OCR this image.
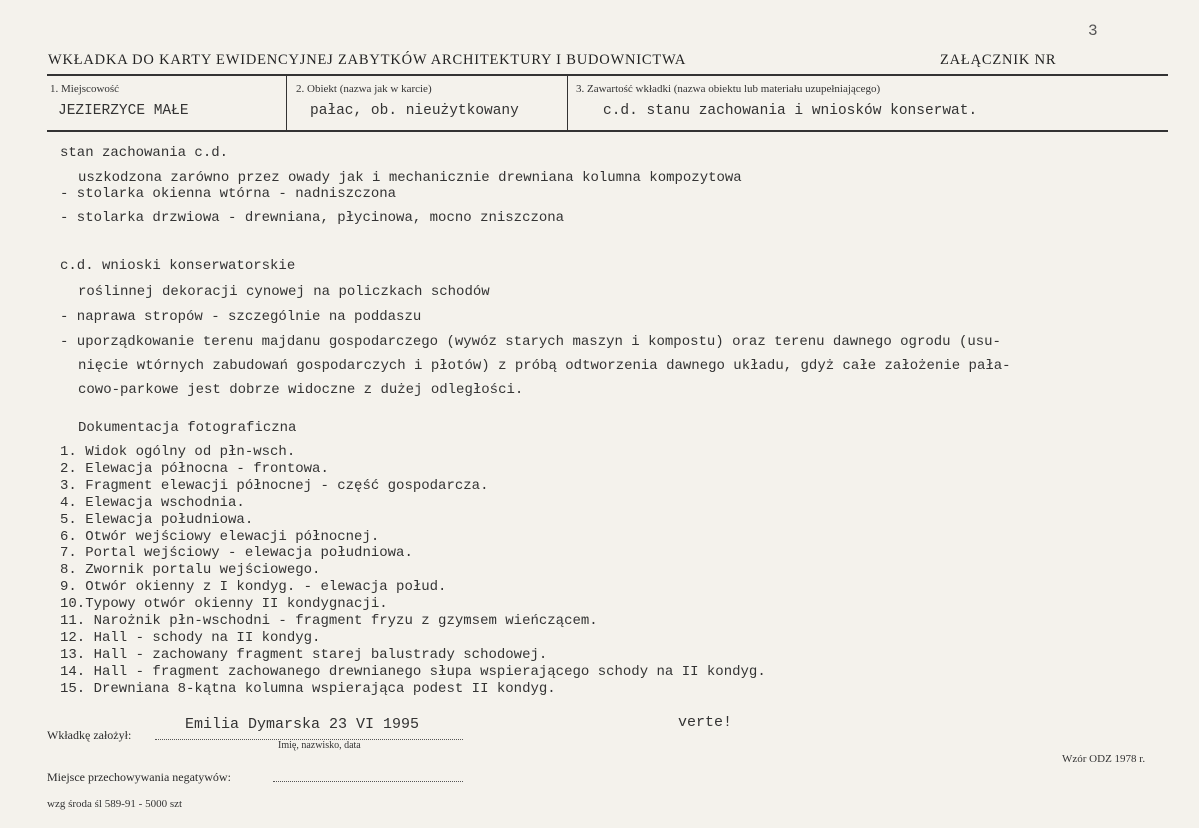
3
WKŁADKA DO KARTY EWIDENCYJNEJ ZABYTKÓW ARCHITEKTURY I BUDOWNICTWA	ZAŁĄCZNIK NR
1. Miejscowość
JEZIERZYCE MAŁE
2. Obiekt (nazwa jak w karcie)
pałac, ob. nieużytkowany
3. Zawartość wkładki (nazwa obiektu lub materiału uzupełniającego)
c.d. stanu zachowania i wniosków konserwat.
stan zachowania c.d.
uszkodzona zarówno przez owady jak i mechanicznie drewniana kolumna kompozytowa
- stolarka okienna wtórna - nadniszczona
- stolarka drzwiowa - drewniana, płycinowa, mocno zniszczona
c.d. wnioski konserwatorskie
roślinnej dekoracji cynowej na policzkach schodów
- naprawa stropów - szczególnie na poddaszu
- uporządkowanie terenu majdanu gospodarczego (wywóz starych maszyn i kompostu) oraz terenu dawnego ogrodu (usu-
nięcie wtórnych zabudowań gospodarczych i płotów) z próbą odtworzenia dawnego układu, gdyż całe założenie pała-
cowo-parkowe jest dobrze widoczne z dużej odległości.
Dokumentacja fotograficzna
1. Widok ogólny od płn-wsch.
2. Elewacja północna - frontowa.
3. Fragment elewacji północnej - część gospodarcza.
4. Elewacja wschodnia.
5. Elewacja południowa.
6. Otwór wejściowy elewacji północnej.
7. Portal wejściowy - elewacja południowa.
8. Zwornik portalu wejściowego.
9. Otwór okienny z I kondyg. - elewacja połud.
10.Typowy otwór okienny II kondygnacji.
11. Narożnik płn-wschodni - fragment fryzu z gzymsem wieńczącem.
12. Hall - schody na II kondyg.
13. Hall - zachowany fragment starej balustrady schodowej.
14. Hall - fragment zachowanego drewnianego słupa wspierającego schody na II kondyg.
15. Drewniana 8-kątna kolumna wspierająca podest II kondyg.
Wkładkę założył:
Emilia Dymarska 23 VI 1995
Imię, nazwisko, data
verte!
Wzór ODZ 1978 r.
Miejsce przechowywania negatywów:
wzg środa śl 589-91 - 5000 szt
